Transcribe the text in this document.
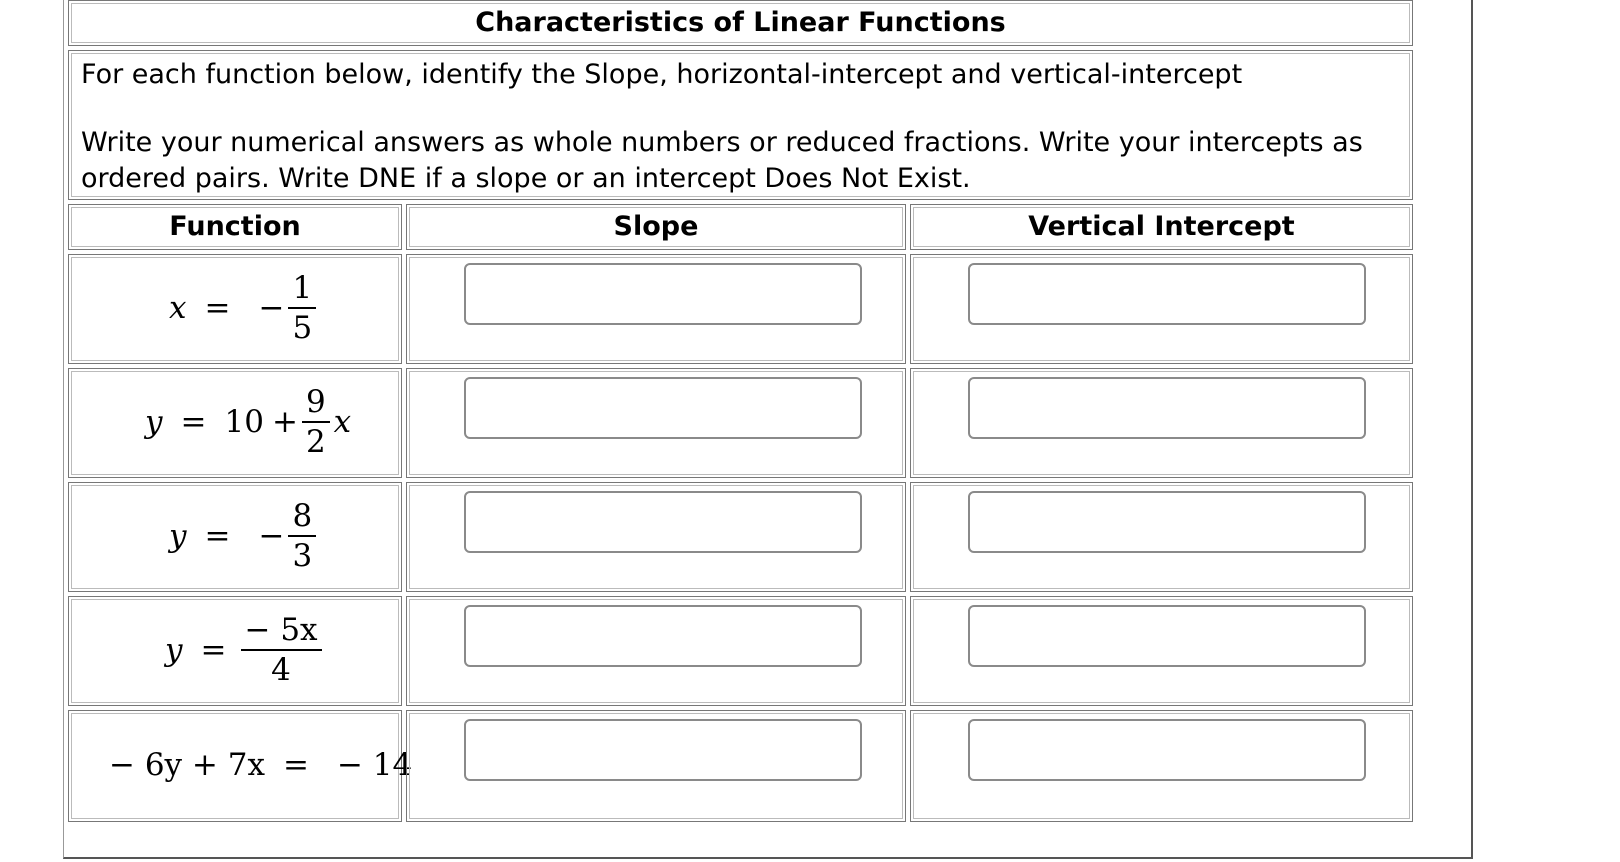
Characteristics of Linear Functions
For each function below, identify the Slope, horizontal-intercept and vertical-intercept
Write your numerical answers as whole numbers or reduced fractions. Write your intercepts as ordered pairs. Write DNE if a slope or an intercept Does Not Exist.
Function	Slope	Vertical Intercept
x = − $\frac{1}{5}$
$y = 10 + \frac{9}{2}$ x
y = − $\frac{8}{3}$
$y = \frac{- 5x}{4}$
− 6y + 7x = − 14
